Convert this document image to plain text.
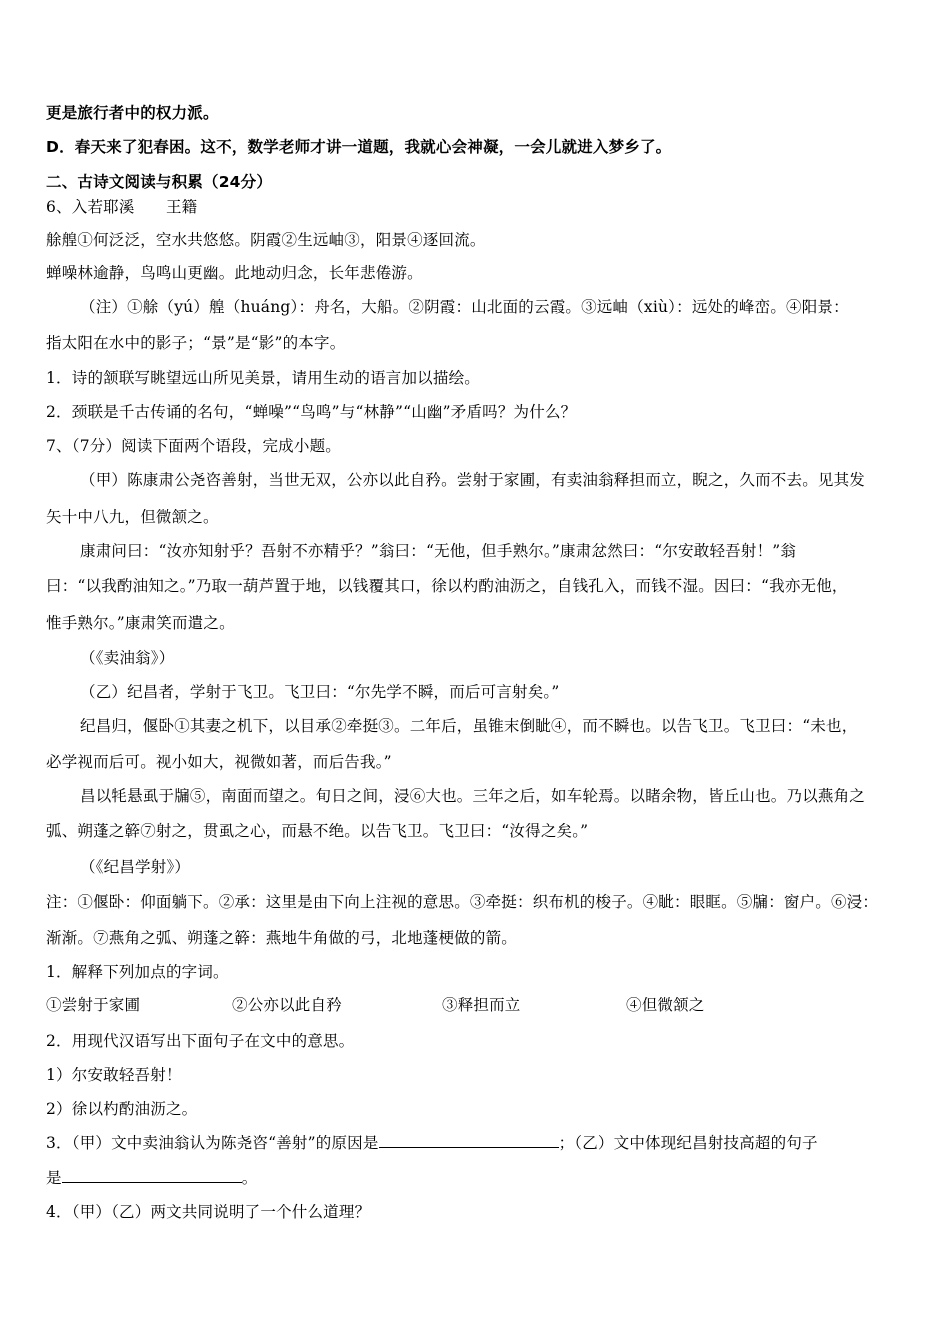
更是旅行者中的权力派。
D．春天来了犯春困。这不，数学老师才讲一道题，我就心会神凝，一会儿就进入梦乡了。
二、古诗文阅读与积累（24分）
6、入若耶溪　　王籍
艅艎①何泛泛，空水共悠悠。阴霞②生远岫③，阳景④逐回流。
蝉噪林逾静，鸟鸣山更幽。此地动归念，长年悲倦游。
（注）①艅（yú）艎（huáng）：舟名，大船。②阴霞：山北面的云霞。③远岫（xiù）：远处的峰峦。④阳景：
指太阳在水中的影子；“景”是“影”的本字。
1．诗的颔联写眺望远山所见美景，请用生动的语言加以描绘。
2．颈联是千古传诵的名句，“蝉噪”“鸟鸣”与“林静”“山幽”矛盾吗？为什么？
7、（7分）阅读下面两个语段，完成小题。
（甲）陈康肃公尧咨善射，当世无双，公亦以此自矜。尝射于家圃，有卖油翁释担而立，睨之，久而不去。见其发
矢十中八九，但微颔之。
康肃问曰：“汝亦知射乎？吾射不亦精乎？”翁曰：“无他，但手熟尔。”康肃忿然曰：“尔安敢轻吾射！”翁
曰：“以我酌油知之。”乃取一葫芦置于地，以钱覆其口，徐以杓酌油沥之，自钱孔入，而钱不湿。因曰：“我亦无他，
惟手熟尔。”康肃笑而遣之。
（《卖油翁》）
（乙）纪昌者，学射于飞卫。飞卫曰：“尔先学不瞬，而后可言射矣。”
纪昌归，偃卧①其妻之机下，以目承②牵挺③。二年后，虽锥末倒眦④，而不瞬也。以告飞卫。飞卫曰：“未也，
必学视而后可。视小如大，视微如著，而后告我。”
昌以牦悬虱于牖⑤，南面而望之。旬日之间，浸⑥大也。三年之后，如车轮焉。以睹余物，皆丘山也。乃以燕角之
弧、朔蓬之簳⑦射之，贯虱之心，而悬不绝。以告飞卫。飞卫曰：“汝得之矣。”
（《纪昌学射》）
注：①偃卧：仰面躺下。②承：这里是由下向上注视的意思。③牵挺：织布机的梭子。④眦：眼眶。⑤牖：窗户。⑥浸：
渐渐。⑦燕角之弧、朔蓬之簳：燕地牛角做的弓，北地蓬梗做的箭。
1．解释下列加点的字词。
①尝射于家圃	②公亦以此自矜	③释担而立	④但微颔之
2．用现代汉语写出下面句子在文中的意思。
1）尔安敢轻吾射！
2）徐以杓酌油沥之。
3．（甲）文中卖油翁认为陈尧咨“善射”的原因是	；（乙）文中体现纪昌射技高超的句子
是	。
4．（甲）（乙）两文共同说明了一个什么道理？
